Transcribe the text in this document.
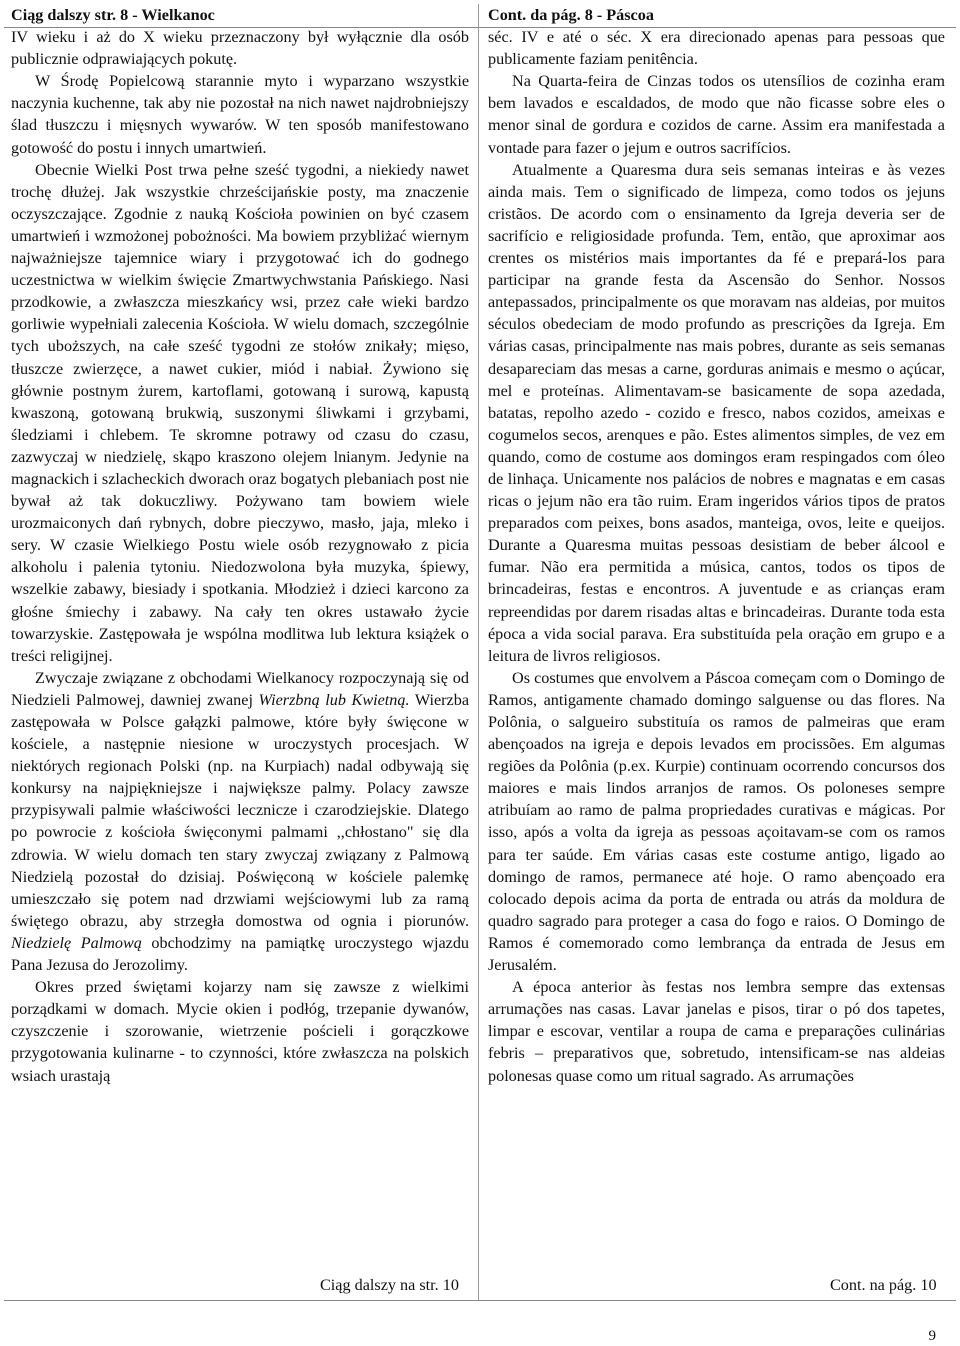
Ciąg dalszy str. 8 - Wielkanoc

IV wieku i aż do X wieku przeznaczony był wyłącznie dla osób publicznie odprawiających pokutę.

W Środę Popielcową starannie myto i wyparzano wszystkie naczynia kuchenne, tak aby nie pozostał na nich nawet najdrobniejszy ślad tłuszczu i mięsnych wywarów. W ten sposób manifestowano gotowość do postu i innych umartwień.

Obecnie Wielki Post trwa pełne sześć tygodni, a niekiedy nawet trochę dłużej. Jak wszystkie chrześcijańskie posty, ma znaczenie oczyszczające. Zgodnie z nauką Kościoła powinien on być czasem umartwień i wzmożonej pobożności. Ma bowiem przybliżać wiernym najważniejsze tajemnice wiary i przygotować ich do godnego uczestnictwa w wielkim święcie Zmartwychwstania Pańskiego. Nasi przodkowie, a zwłaszcza mieszkańcy wsi, przez całe wieki bardzo gorliwie wypełniali zalecenia Kościoła. W wielu domach, szczególnie tych uboższych, na całe sześć tygodni ze stołów znikały; mięso, tłuszcze zwierzęce, a nawet cukier, miód i nabiał. Żywiono się głównie postnym żurem, kartoflami, gotowaną i surową, kapustą kwaszoną, gotowaną brukwią, suszonymi śliwkami i grzybami, śledziami i chlebem. Te skromne potrawy od czasu do czasu, zazwyczaj w niedzielę, skąpo kraszono olejem lnianym. Jedynie na magnackich i szlacheckich dworach oraz bogatych plebaniach post nie bywał aż tak dokuczliwy. Pożywano tam bowiem wiele urozmaiconych dań rybnych, dobre pieczywo, masło, jaja, mleko i sery. W czasie Wielkiego Postu wiele osób rezygnowało z picia alkoholu i palenia tytoniu. Niedozwolona była muzyka, śpiewy, wszelkie zabawy, biesiady i spotkania. Młodzież i dzieci karcono za głośne śmiechy i zabawy. Na cały ten okres ustawało życie towarzyskie. Zastępowała je wspólna modlitwa lub lektura książek o treści religijnej.

Zwyczaje związane z obchodami Wielkanocy rozpoczynają się od Niedzieli Palmowej, dawniej zwanej Wierzbną lub Kwietną. Wierzba zastępowała w Polsce gałązki palmowe, które były święcone w kościele, a następnie niesione w uroczystych procesjach. W niektórych regionach Polski (np. na Kurpiach) nadal odbywają się konkursy na najpiękniejsze i największe palmy. Polacy zawsze przypisywali palmie właściwości lecznicze i czarodziejskie. Dlatego po powrocie z kościoła święconymi palmami ,,chłostano" się dla zdrowia. W wielu domach ten stary zwyczaj związany z Palmową Niedzielą pozostał do dzisiaj. Poświęconą w kościele palemkę umieszczało się potem nad drzwiami wejściowymi lub za ramą świętego obrazu, aby strzegła domostwa od ognia i piorunów. Niedzielę Palmową obchodzimy na pamiątkę uroczystego wjazdu Pana Jezusa do Jerozolimy.

Okres przed świętami kojarzy nam się zawsze z wielkimi porządkami w domach. Mycie okien i podłóg, trzepanie dywanów, czyszczenie i szorowanie, wietrzenie pościeli i gorączkowe przygotowania kulinarne - to czynności, które zwłaszcza na polskich wsiach urastają

Cont. da pág. 8 - Páscoa

séc. IV e até o séc. X era direcionado apenas para pessoas que publicamente faziam penitência.

Na Quarta-feira de Cinzas todos os utensílios de cozinha eram bem lavados e escaldados, de modo que não ficasse sobre eles o menor sinal de gordura e cozidos de carne. Assim era manifestada a vontade para fazer o jejum e outros sacrifícios.

Atualmente a Quaresma dura seis semanas inteiras e às vezes ainda mais. Tem o significado de limpeza, como todos os jejuns cristãos. De acordo com o ensinamento da Igreja deveria ser de sacrifício e religiosidade profunda. Tem, então, que aproximar aos crentes os mistérios mais importantes da fé e prepará-los para participar na grande festa da Ascensão do Senhor. Nossos antepassados, principalmente os que moravam nas aldeias, por muitos séculos obedeciam de modo profundo as prescrições da Igreja. Em várias casas, principalmente nas mais pobres, durante as seis semanas desapareciam das mesas a carne, gorduras animais e mesmo o açúcar, mel e proteínas. Alimentavam-se basicamente de sopa azedada, batatas, repolho azedo - cozido e fresco, nabos cozidos, ameixas e cogumelos secos, arenques e pão. Estes alimentos simples, de vez em quando, como de costume aos domingos eram respingados com óleo de linhaça. Unicamente nos palácios de nobres e magnatas e em casas ricas o jejum não era tão ruim. Eram ingeridos vários tipos de pratos preparados com peixes, bons asados, manteiga, ovos, leite e queijos. Durante a Quaresma muitas pessoas desistiam de beber álcool e fumar. Não era permitida a música, cantos, todos os tipos de brincadeiras, festas e encontros. A juventude e as crianças eram repreendidas por darem risadas altas e brincadeiras. Durante toda esta época a vida social parava. Era substituída pela oração em grupo e a leitura de livros religiosos.

Os costumes que envolvem a Páscoa começam com o Domingo de Ramos, antigamente chamado domingo salguense ou das flores. Na Polônia, o salgueiro substituía os ramos de palmeiras que eram abençoados na igreja e depois levados em procissões. Em algumas regiões da Polônia (p.ex. Kurpie) continuam ocorrendo concursos dos maiores e mais lindos arranjos de ramos. Os poloneses sempre atribuíam ao ramo de palma propriedades curativas e mágicas. Por isso, após a volta da igreja as pessoas açoitavam-se com os ramos para ter saúde. Em várias casas este costume antigo, ligado ao domingo de ramos, permanece até hoje. O ramo abençoado era colocado depois acima da porta de entrada ou atrás da moldura de quadro sagrado para proteger a casa do fogo e raios. O Domingo de Ramos é comemorado como lembrança da entrada de Jesus em Jerusalém.

A época anterior às festas nos lembra sempre das extensas arrumações nas casas. Lavar janelas e pisos, tirar o pó dos tapetes, limpar e escovar, ventilar a roupa de cama e preparações culinárias febris – preparativos que, sobretudo, intensificam-se nas aldeias polonesas quase como um ritual sagrado. As arrumações

Ciąg dalszy na str. 10	Cont. na pág. 10
9
